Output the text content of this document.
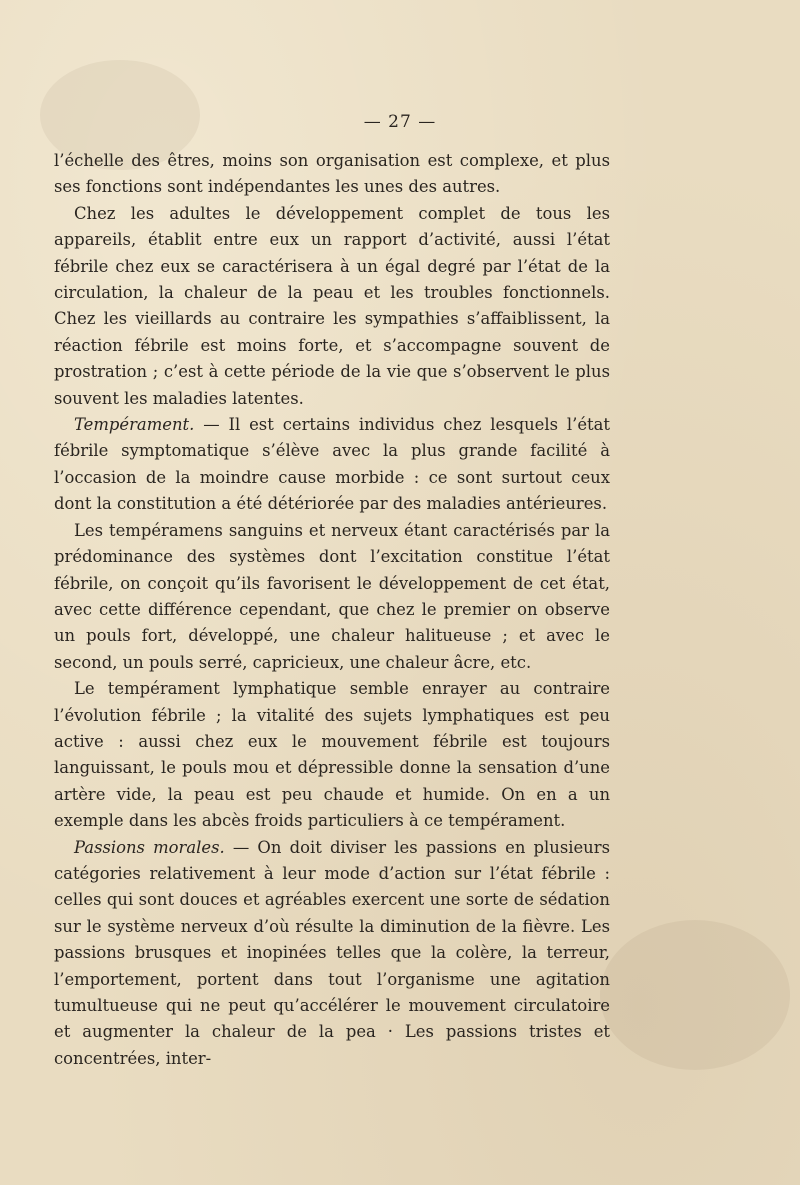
— 27 —

l’échelle des êtres, moins son organisation est complexe, et plus ses fonctions sont indépendantes les unes des autres.

Chez les adultes le développement complet de tous les appareils, établit entre eux un rapport d’activité, aussi l’état fébrile chez eux se caractérisera à un égal degré par l’état de la circulation, la chaleur de la peau et les troubles fonctionnels. Chez les vieillards au contraire les sympathies s’affaiblissent, la réaction fébrile est moins forte, et s’accompagne souvent de prostration ; c’est à cette période de la vie que s’observent le plus souvent les maladies latentes.

Tempérament. — Il est certains individus chez lesquels l’état fébrile symptomatique s’élève avec la plus grande facilité à l’occasion de la moindre cause morbide : ce sont surtout ceux dont la constitution a été détériorée par des maladies antérieures.

Les tempéramens sanguins et nerveux étant caractérisés par la prédominance des systèmes dont l’excitation constitue l’état fébrile, on conçoit qu’ils favorisent le développement de cet état, avec cette différence cependant, que chez le premier on observe un pouls fort, développé, une chaleur halitueuse ; et avec le second, un pouls serré, capricieux, une chaleur âcre, etc.

Le tempérament lymphatique semble enrayer au contraire l’évolution fébrile ; la vitalité des sujets lymphatiques est peu active : aussi chez eux le mouvement fébrile est toujours languissant, le pouls mou et dépressible donne la sensation d’une artère vide, la peau est peu chaude et humide. On en a un exemple dans les abcès froids particuliers à ce tempérament.

Passions morales. — On doit diviser les passions en plusieurs catégories relativement à leur mode d’action sur l’état fébrile : celles qui sont douces et agréables exercent une sorte de sédation sur le système nerveux d’où résulte la diminution de la fièvre. Les passions brusques et inopinées telles que la colère, la terreur, l’emportement, portent dans tout l’organisme une agitation tumultueuse qui ne peut qu’accélérer le mouvement circulatoire et augmenter la chaleur de la pea · Les passions tristes et concentrées, inter-
